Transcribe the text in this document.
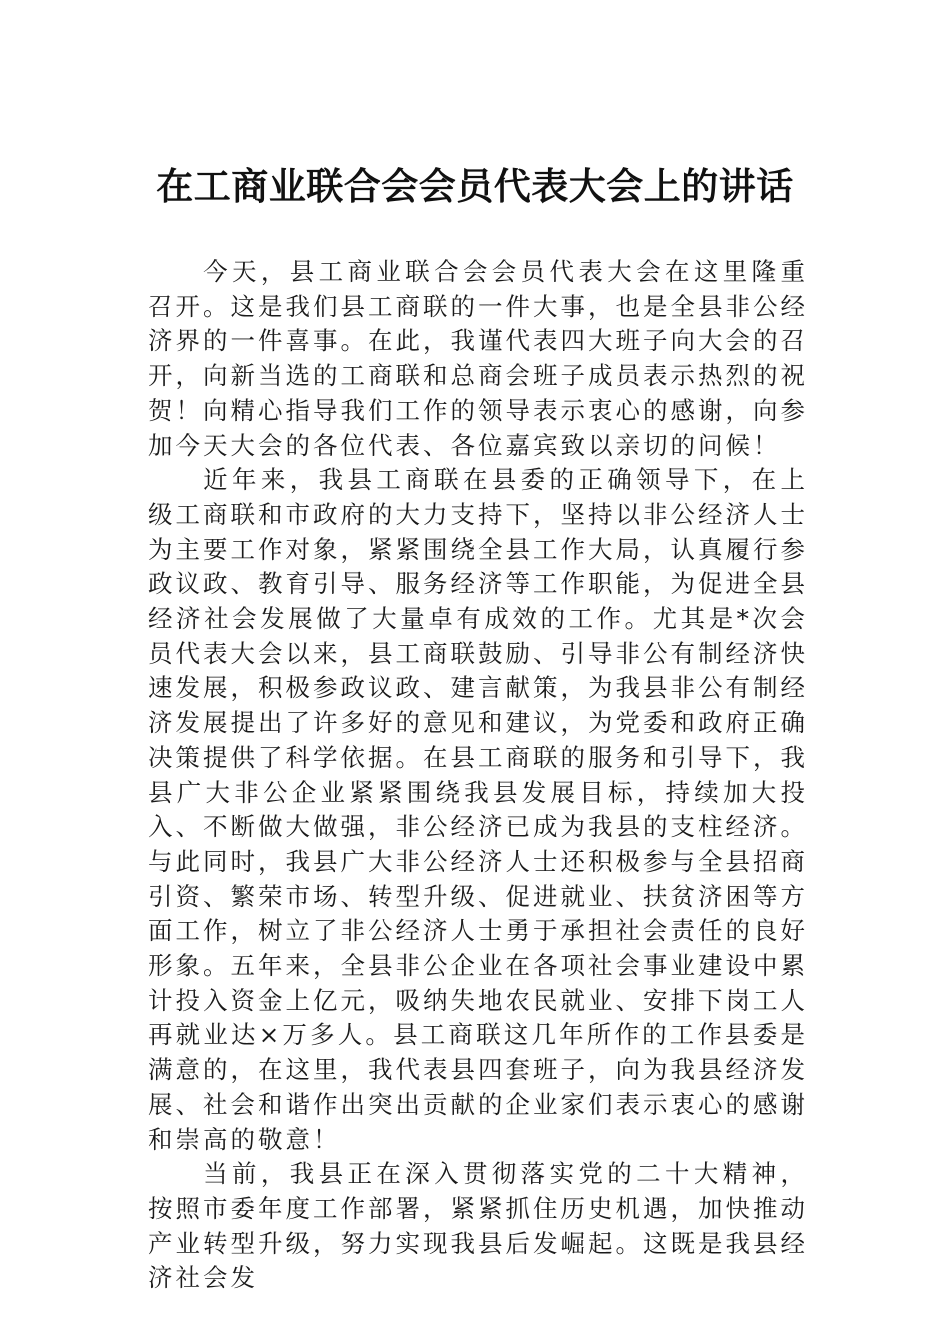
在工商业联合会会员代表大会上的讲话

今天，县工商业联合会会员代表大会在这里隆重召开。这是我们县工商联的一件大事，也是全县非公经济界的一件喜事。在此，我谨代表四大班子向大会的召开，向新当选的工商联和总商会班子成员表示热烈的祝贺！向精心指导我们工作的领导表示衷心的感谢，向参加今天大会的各位代表、各位嘉宾致以亲切的问候！

近年来，我县工商联在县委的正确领导下，在上级工商联和市政府的大力支持下，坚持以非公经济人士为主要工作对象，紧紧围绕全县工作大局，认真履行参政议政、教育引导、服务经济等工作职能，为促进全县经济社会发展做了大量卓有成效的工作。尤其是*次会员代表大会以来，县工商联鼓励、引导非公有制经济快速发展，积极参政议政、建言献策，为我县非公有制经济发展提出了许多好的意见和建议，为党委和政府正确决策提供了科学依据。在县工商联的服务和引导下，我县广大非公企业紧紧围绕我县发展目标，持续加大投入、不断做大做强，非公经济已成为我县的支柱经济。与此同时，我县广大非公经济人士还积极参与全县招商引资、繁荣市场、转型升级、促进就业、扶贫济困等方面工作，树立了非公经济人士勇于承担社会责任的良好形象。五年来，全县非公企业在各项社会事业建设中累计投入资金上亿元，吸纳失地农民就业、安排下岗工人再就业达×万多人。县工商联这几年所作的工作县委是满意的，在这里，我代表县四套班子，向为我县经济发展、社会和谐作出突出贡献的企业家们表示衷心的感谢和崇高的敬意！

当前，我县正在深入贯彻落实党的二十大精神，按照市委年度工作部署，紧紧抓住历史机遇，加快推动产业转型升级，努力实现我县后发崛起。这既是我县经济社会发
